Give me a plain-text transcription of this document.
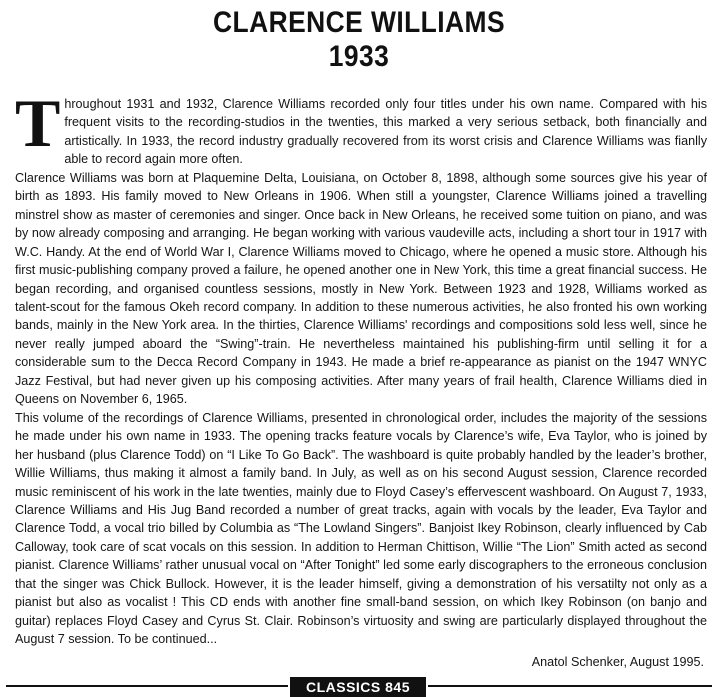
CLARENCE WILLIAMS
1933

Throughout 1931 and 1932, Clarence Williams recorded only four titles under his own name. Compared with his frequent visits to the recording-studios in the twenties, this marked a very serious setback, both financially and artistically. In 1933, the record industry gradually recovered from its worst crisis and Clarence Williams was fianlly able to record again more often.

Clarence Williams was born at Plaquemine Delta, Louisiana, on October 8, 1898, although some sources give his year of birth as 1893. His family moved to New Orleans in 1906. When still a youngster, Clarence Williams joined a travelling minstrel show as master of ceremonies and singer. Once back in New Orleans, he received some tuition on piano, and was by now already composing and arranging. He began working with various vaudeville acts, including a short tour in 1917 with W.C. Handy. At the end of World War I, Clarence Williams moved to Chicago, where he opened a music store. Although his first music-publishing company proved a failure, he opened another one in New York, this time a great financial success. He began recording, and organised countless sessions, mostly in New York. Between 1923 and 1928, Williams worked as talent-scout for the famous Okeh record company. In addition to these numerous activities, he also fronted his own working bands, mainly in the New York area. In the thirties, Clarence Williams' recordings and compositions sold less well, since he never really jumped aboard the “Swing”-train. He nevertheless maintained his publishing-firm until selling it for a considerable sum to the Decca Record Company in 1943. He made a brief re-appearance as pianist on the 1947 WNYC Jazz Festival, but had never given up his composing activities. After many years of frail health, Clarence Williams died in Queens on November 6, 1965.

This volume of the recordings of Clarence Williams, presented in chronological order, includes the majority of the sessions he made under his own name in 1933. The opening tracks feature vocals by Clarence’s wife, Eva Taylor, who is joined by her husband (plus Clarence Todd) on “I Like To Go Back”. The washboard is quite probably handled by the leader’s brother, Willie Williams, thus making it almost a family band. In July, as well as on his second August session, Clarence recorded music reminiscent of his work in the late twenties, mainly due to Floyd Casey’s effervescent washboard. On August 7, 1933, Clarence Williams and His Jug Band recorded a number of great tracks, again with vocals by the leader, Eva Taylor and Clarence Todd, a vocal trio billed by Columbia as “The Lowland Singers”. Banjoist Ikey Robinson, clearly influenced by Cab Calloway, took care of scat vocals on this session. In addition to Herman Chittison, Willie “The Lion” Smith acted as second pianist. Clarence Williams’ rather unusual vocal on “After Tonight” led some early discographers to the erroneous conclusion that the singer was Chick Bullock. However, it is the leader himself, giving a demonstration of his versatilty not only as a pianist but also as vocalist ! This CD ends with another fine small-band session, on which Ikey Robinson (on banjo and guitar) replaces Floyd Casey and Cyrus St. Clair. Robinson’s virtuosity and swing are particularly displayed throughout the August 7 session. To be continued...

Anatol Schenker, August 1995.
CLASSICS 845
